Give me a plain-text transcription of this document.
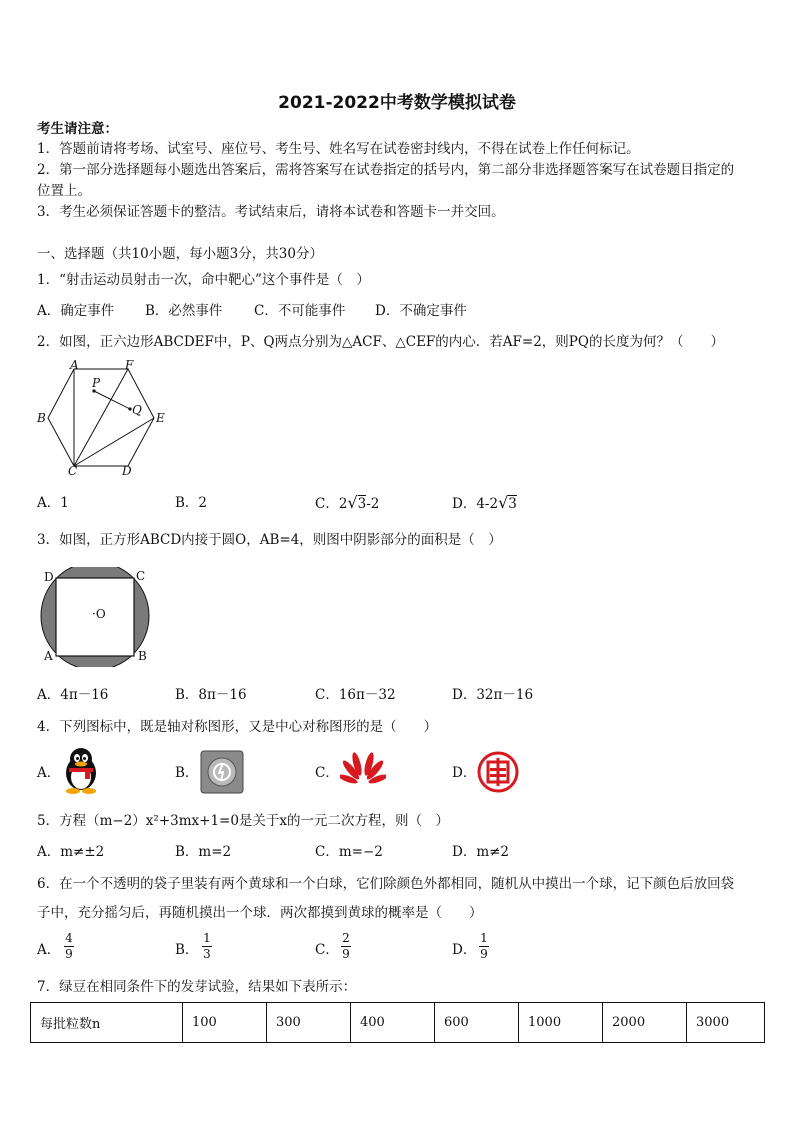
2021-2022中考数学模拟试卷
考生请注意：
1．答题前请将考场、试室号、座位号、考生号、姓名写在试卷密封线内，不得在试卷上作任何标记。
2．第一部分选择题每小题选出答案后，需将答案写在试卷指定的括号内，第二部分非选择题答案写在试卷题目指定的
位置上。
3．考生必须保证答题卡的整洁。考试结束后，请将本试卷和答题卡一并交回。
一、选择题（共10小题，每小题3分，共30分）
1．“射击运动员射击一次，命中靶心”这个事件是（　）
A．确定事件 B．必然事件 C．不可能事件 D．不确定事件
2．如图，正六边形ABCDEF中，P、Q两点分别为△ACF、△CEF的内心．若AF=2，则PQ的长度为何？（　　）
A	F
P
Q
B	E
C	D
A．1	B．2	C．2√3-2	D．4-2√3
3．如图，正方形ABCD内接于圆O，AB=4，则图中阴影部分的面积是（　）
D	C
·O
A	B
A．4π－16	B．8π－16	C．16π－32	D．32π－16
4．下列图标中，既是轴对称图形，又是中心对称图形的是（　　）
A．	B．	C．	D．
5．方程（m−2）x²+3mx+1=0是关于x的一元二次方程，则（　）
A．m≠±2	B．m=2	C．m=−2	D．m≠2
6．在一个不透明的袋子里装有两个黄球和一个白球，它们除颜色外都相同，随机从中摸出一个球，记下颜色后放回袋
子中，充分摇匀后，再随机摸出一个球．两次都摸到黄球的概率是（　　）
A．
4
9	B．
1
3	C．
2
9	D．
1
9
7．绿豆在相同条件下的发芽试验，结果如下表所示：
每批粒数n	100	300	400	600	1000	2000	3000
